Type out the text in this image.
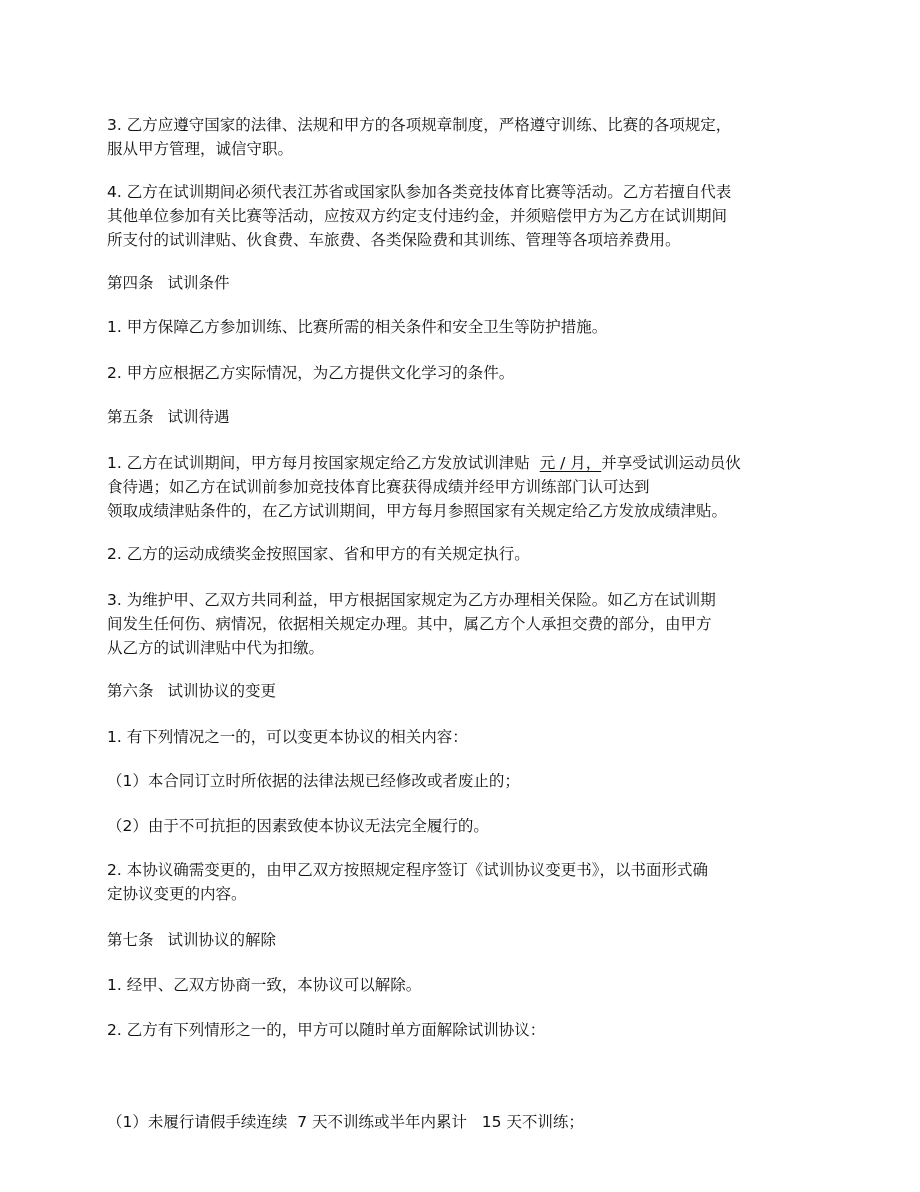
3. 乙方应遵守国家的法律、法规和甲方的各项规章制度，严格遵守训练、比赛的各项规定，
服从甲方管理，诚信守职。

4. 乙方在试训期间必须代表江苏省或国家队参加各类竞技体育比赛等活动。乙方若擅自代表
其他单位参加有关比赛等活动，应按双方约定支付违约金，并须赔偿甲方为乙方在试训期间
所支付的试训津贴、伙食费、车旅费、各类保险费和其训练、管理等各项培养费用。

第四条 试训条件

1. 甲方保障乙方参加训练、比赛所需的相关条件和安全卫生等防护措施。

2. 甲方应根据乙方实际情况，为乙方提供文化学习的条件。

第五条 试训待遇

1. 乙方在试训期间，甲方每月按国家规定给乙方发放试训津贴 元 / 月，并享受试训运动员伙
食待遇；如乙方在试训前参加竞技体育比赛获得成绩并经甲方训练部门认可达到
领取成绩津贴条件的，在乙方试训期间，甲方每月参照国家有关规定给乙方发放成绩津贴。

2. 乙方的运动成绩奖金按照国家、省和甲方的有关规定执行。

3. 为维护甲、乙双方共同利益，甲方根据国家规定为乙方办理相关保险。如乙方在试训期
间发生任何伤、病情况，依据相关规定办理。其中，属乙方个人承担交费的部分，由甲方
从乙方的试训津贴中代为扣缴。

第六条 试训协议的变更

1. 有下列情况之一的，可以变更本协议的相关内容：

（1）本合同订立时所依据的法律法规已经修改或者废止的；

（2）由于不可抗拒的因素致使本协议无法完全履行的。

2. 本协议确需变更的，由甲乙双方按照规定程序签订《试训协议变更书》，以书面形式确
定协议变更的内容。

第七条 试训协议的解除

1. 经甲、乙双方协商一致，本协议可以解除。

2. 乙方有下列情形之一的，甲方可以随时单方面解除试训协议：

（1）未履行请假手续连续  7 天不训练或半年内累计   15 天不训练；
